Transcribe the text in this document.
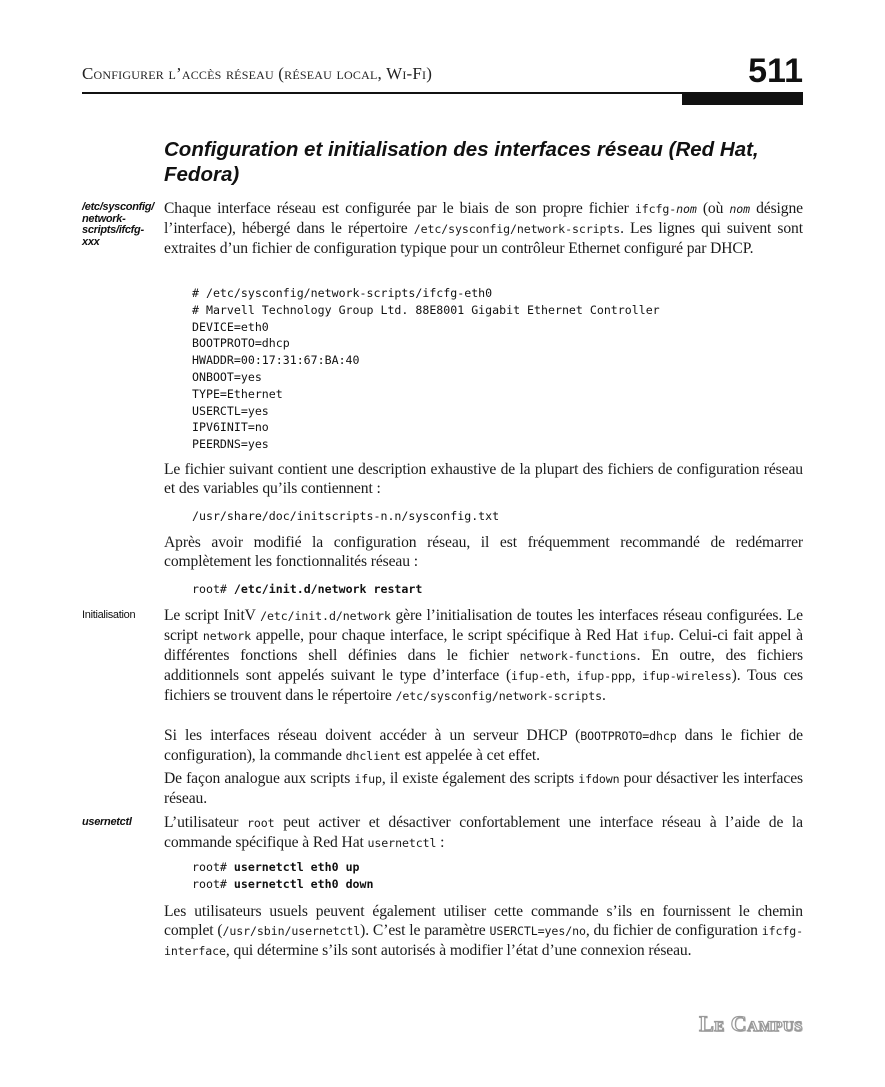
Configurer l’accès réseau (réseau local, Wi-Fi)	511
Configuration et initialisation des interfaces réseau (Red Hat, Fedora)
/etc/sysconfig/ network-scripts/ifcfg-xxx
Initialisation
usernetctl

Chaque interface réseau est configurée par le biais de son propre fichier ifcfg-nom (où nom désigne l’interface), hébergé dans le répertoire /etc/sysconfig/network-scripts. Les lignes qui suivent sont extraites d’un fichier de configuration typique pour un contrôleur Ethernet configuré par DHCP.

# /etc/sysconfig/network-scripts/ifcfg-eth0
# Marvell Technology Group Ltd. 88E8001 Gigabit Ethernet Controller
DEVICE=eth0
BOOTPROTO=dhcp
HWADDR=00:17:31:67:BA:40
ONBOOT=yes
TYPE=Ethernet
USERCTL=yes
IPV6INIT=no
PEERDNS=yes

Le fichier suivant contient une description exhaustive de la plupart des fichiers de configuration réseau et des variables qu’ils contiennent :

/usr/share/doc/initscripts-n.n/sysconfig.txt

Après avoir modifié la configuration réseau, il est fréquemment recommandé de redémarrer complètement les fonctionnalités réseau :

root# /etc/init.d/network restart

Le script InitV /etc/init.d/network gère l’initialisation de toutes les interfaces réseau configurées. Le script network appelle, pour chaque interface, le script spécifique à Red Hat ifup. Celui-ci fait appel à différentes fonctions shell définies dans le fichier network-functions. En outre, des fichiers additionnels sont appelés suivant le type d’interface (ifup-eth, ifup-ppp, ifup-wireless). Tous ces fichiers se trouvent dans le répertoire /etc/sysconfig/network-scripts.

Si les interfaces réseau doivent accéder à un serveur DHCP (BOOTPROTO=dhcp dans le fichier de configuration), la commande dhclient est appelée à cet effet.

De façon analogue aux scripts ifup, il existe également des scripts ifdown pour désactiver les interfaces réseau.

L’utilisateur root peut activer et désactiver confortablement une interface réseau à l’aide de la commande spécifique à Red Hat usernetctl :

root# usernetctl eth0 up
root# usernetctl eth0 down

Les utilisateurs usuels peuvent également utiliser cette commande s’ils en fournissent le chemin complet (/usr/sbin/usernetctl). C’est le paramètre USERCTL=yes/no, du fichier de configuration ifcfg-interface, qui détermine s’ils sont autorisés à modifier l’état d’une connexion réseau.

Le Campus
